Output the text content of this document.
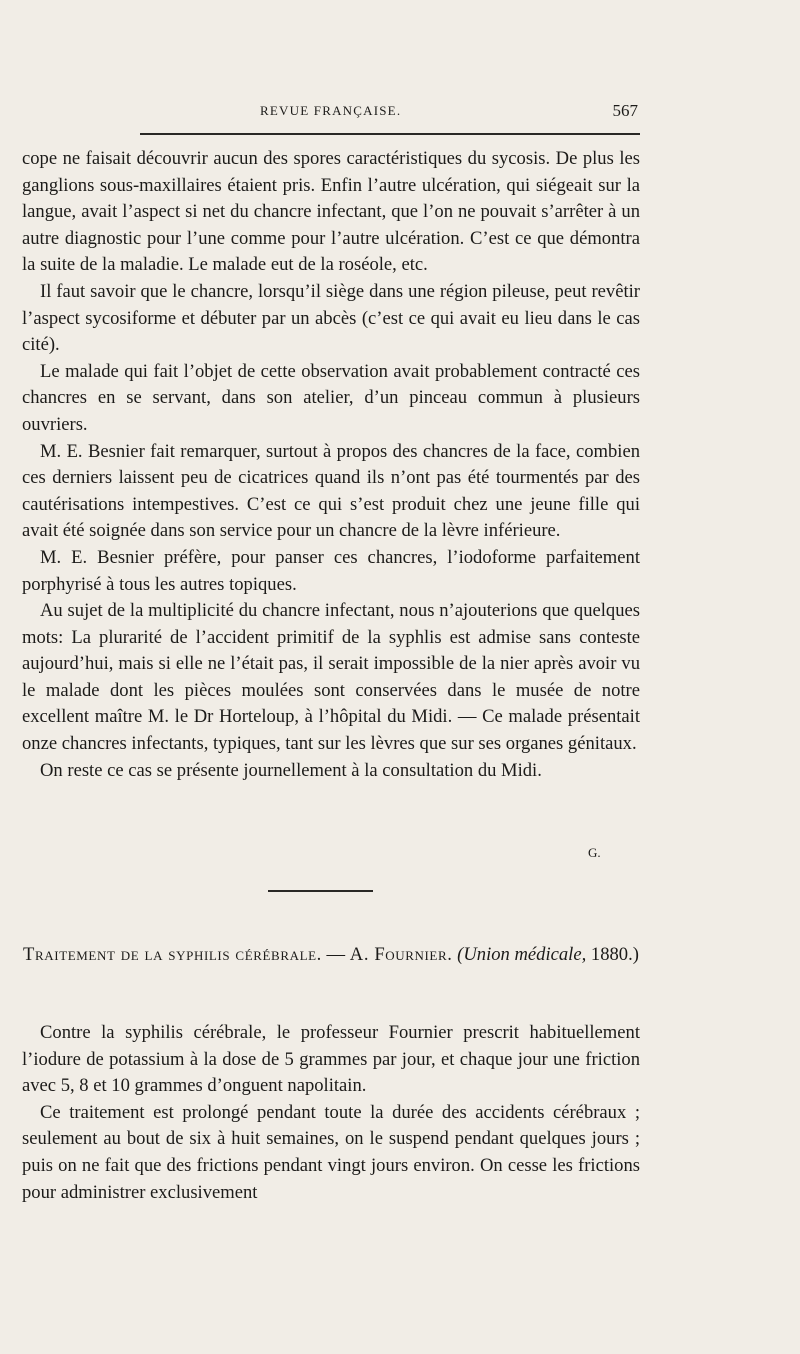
REVUE FRANÇAISE.	567

cope ne faisait découvrir aucun des spores caractéristiques du sycosis. De plus les ganglions sous-maxillaires étaient pris. Enfin l’autre ulcération, qui siégeait sur la langue, avait l’aspect si net du chancre infectant, que l’on ne pouvait s’arrêter à un autre diagnostic pour l’une comme pour l’autre ulcération. C’est ce que démontra la suite de la maladie. Le malade eut de la roséole, etc.

Il faut savoir que le chancre, lorsqu’il siège dans une région pileuse, peut revêtir l’aspect sycosiforme et débuter par un abcès (c’est ce qui avait eu lieu dans le cas cité).

Le malade qui fait l’objet de cette observation avait probablement contracté ces chancres en se servant, dans son atelier, d’un pinceau commun à plusieurs ouvriers.

M. E. Besnier fait remarquer, surtout à propos des chancres de la face, combien ces derniers laissent peu de cicatrices quand ils n’ont pas été tourmentés par des cautérisations intempestives. C’est ce qui s’est produit chez une jeune fille qui avait été soignée dans son service pour un chancre de la lèvre inférieure.

M. E. Besnier préfère, pour panser ces chancres, l’iodoforme parfaitement porphyrisé à tous les autres topiques.

Au sujet de la multiplicité du chancre infectant, nous n’ajouterions que quelques mots: La plurarité de l’accident primitif de la syphlis est admise sans conteste aujourd’hui, mais si elle ne l’était pas, il serait impossible de la nier après avoir vu le malade dont les pièces moulées sont conservées dans le musée de notre excellent maître M. le Dr Horteloup, à l’hôpital du Midi. — Ce malade présentait onze chancres infectants, typiques, tant sur les lèvres que sur ses organes génitaux.

On reste ce cas se présente journellement à la consultation du Midi.

G.
Traitement de la syphilis cérébrale. — A. Fournier. (Union médicale, 1880.)

Contre la syphilis cérébrale, le professeur Fournier prescrit habituellement l’iodure de potassium à la dose de 5 grammes par jour, et chaque jour une friction avec 5, 8 et 10 grammes d’onguent napolitain.

Ce traitement est prolongé pendant toute la durée des accidents cérébraux ; seulement au bout de six à huit semaines, on le suspend pendant quelques jours ; puis on ne fait que des frictions pendant vingt jours environ. On cesse les frictions pour administrer exclusivement
